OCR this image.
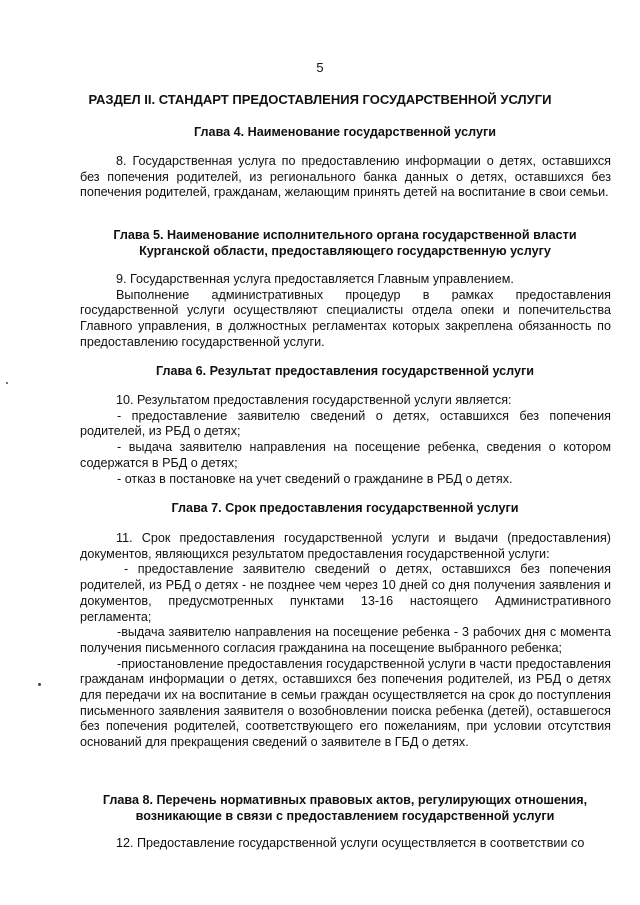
5
РАЗДЕЛ II. СТАНДАРТ ПРЕДОСТАВЛЕНИЯ ГОСУДАРСТВЕННОЙ УСЛУГИ
Глава 4. Наименование государственной услуги

8. Государственная услуга по предоставлению информации о детях, оставшихся без попечения родителей, из регионального банка данных о детях, оставшихся без попечения родителей, гражданам, желающим принять детей на воспитание в свои семьи.

Глава 5. Наименование исполнительного органа государственной власти
Курганской области, предоставляющего государственную услугу

9. Государственная услуга предоставляется Главным управлением.

Выполнение административных процедур в рамках предоставления государственной услуги осуществляют специалисты отдела опеки и попечительства Главного управления, в должностных регламентах которых закреплена обязанность по предоставлению государственной услуги.

Глава 6. Результат предоставления государственной услуги

10. Результатом предоставления государственной услуги является:

- предоставление заявителю сведений о детях, оставшихся без попечения родителей, из РБД о детях;

- выдача заявителю направления на посещение ребенка, сведения о котором содержатся в РБД о детях;

- отказ в постановке на учет сведений о гражданине в РБД о детях.

Глава 7. Срок предоставления государственной услуги

11. Срок предоставления государственной услуги и выдачи (предоставления) документов, являющихся результатом предоставления государственной услуги:

- предоставление заявителю сведений о детях, оставшихся без попечения родителей, из РБД о детях - не позднее чем через 10 дней со дня получения заявления и документов, предусмотренных пунктами 13-16 настоящего Административного регламента;

-выдача заявителю направления на посещение ребенка - 3 рабочих дня с момента получения письменного согласия гражданина на посещение выбранного ребенка;

-приостановление предоставления государственной услуги в части предоставления гражданам информации о детях, оставшихся без попечения родителей, из РБД о детях для передачи их на воспитание в семьи граждан осуществляется на срок до поступления письменного заявления заявителя о возобновлении поиска ребенка (детей), оставшегося без попечения родителей, соответствующего его пожеланиям, при условии отсутствия оснований для прекращения сведений о заявителе в ГБД о детях.

Глава 8. Перечень нормативных правовых актов, регулирующих отношения,
возникающие в связи с предоставлением государственной услуги

12. Предоставление государственной услуги осуществляется в соответствии со
